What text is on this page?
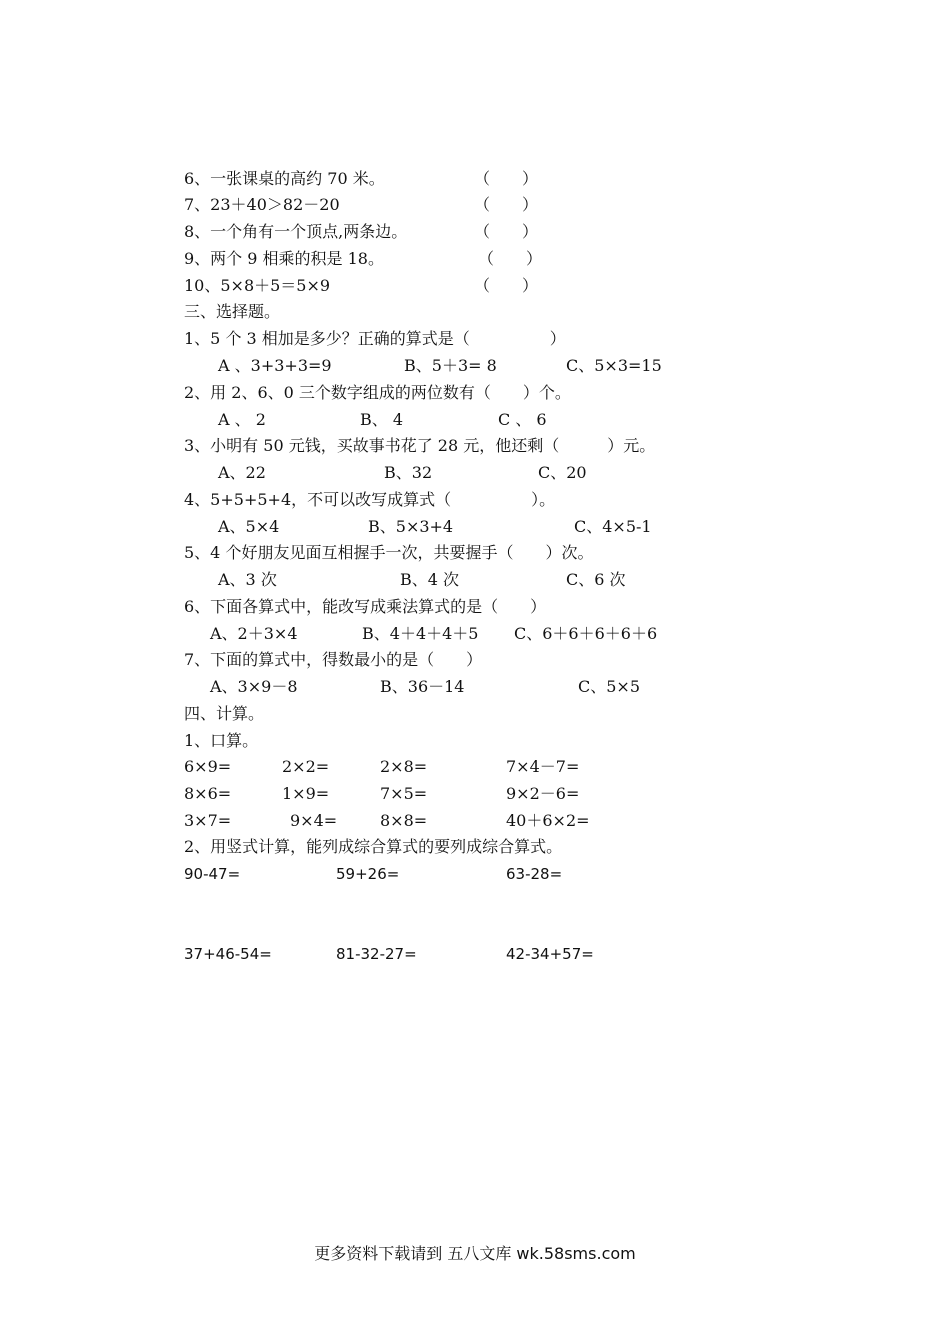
6、一张课桌的高约 70 米。	（　　）
7、23＋40＞82－20	（　　）
8、一个角有一个顶点,两条边。	（　　）
9、两个 9 相乘的积是 18。	（　　）
10、5×8＋5＝5×9	（　　）
三、选择题。
1、5 个 3 相加是多少？正确的算式是（　　　　　）
A 、3+3+3=9	B、5＋3= 8	C、5×3=15
2、用 2、6、0 三个数字组成的两位数有（　　）个。
A 、 2	B、 4	C 、 6
3、小明有 50 元钱，买故事书花了 28 元，他还剩（　　　）元。
A、22	B、32	C、20
4、5+5+5+4，不可以改写成算式（　　　　　）。
A、5×4	B、5×3+4	C、4×5-1
5、4 个好朋友见面互相握手一次，共要握手（　　）次。
A、3 次	B、4 次	C、6 次
6、下面各算式中，能改写成乘法算式的是（　　）
A、2＋3×4	B、4＋4＋4＋5 C、6＋6＋6＋6＋6
7、下面的算式中，得数最小的是（　　）
A、3×9－8	B、36－14	C、5×5
四、计算。
1、口算。
6×9=	2×2=	2×8=	7×4－7=
8×6=	1×9=	7×5=	9×2－6=
3×7=	9×4=	8×8=	40＋6×2=
2、用竖式计算，能列成综合算式的要列成综合算式。
90-47=	59+26=	63-28=
37+46-54=	81-32-27=	42-34+57=
更多资料下载请到 五八文库 wk.58sms.com
